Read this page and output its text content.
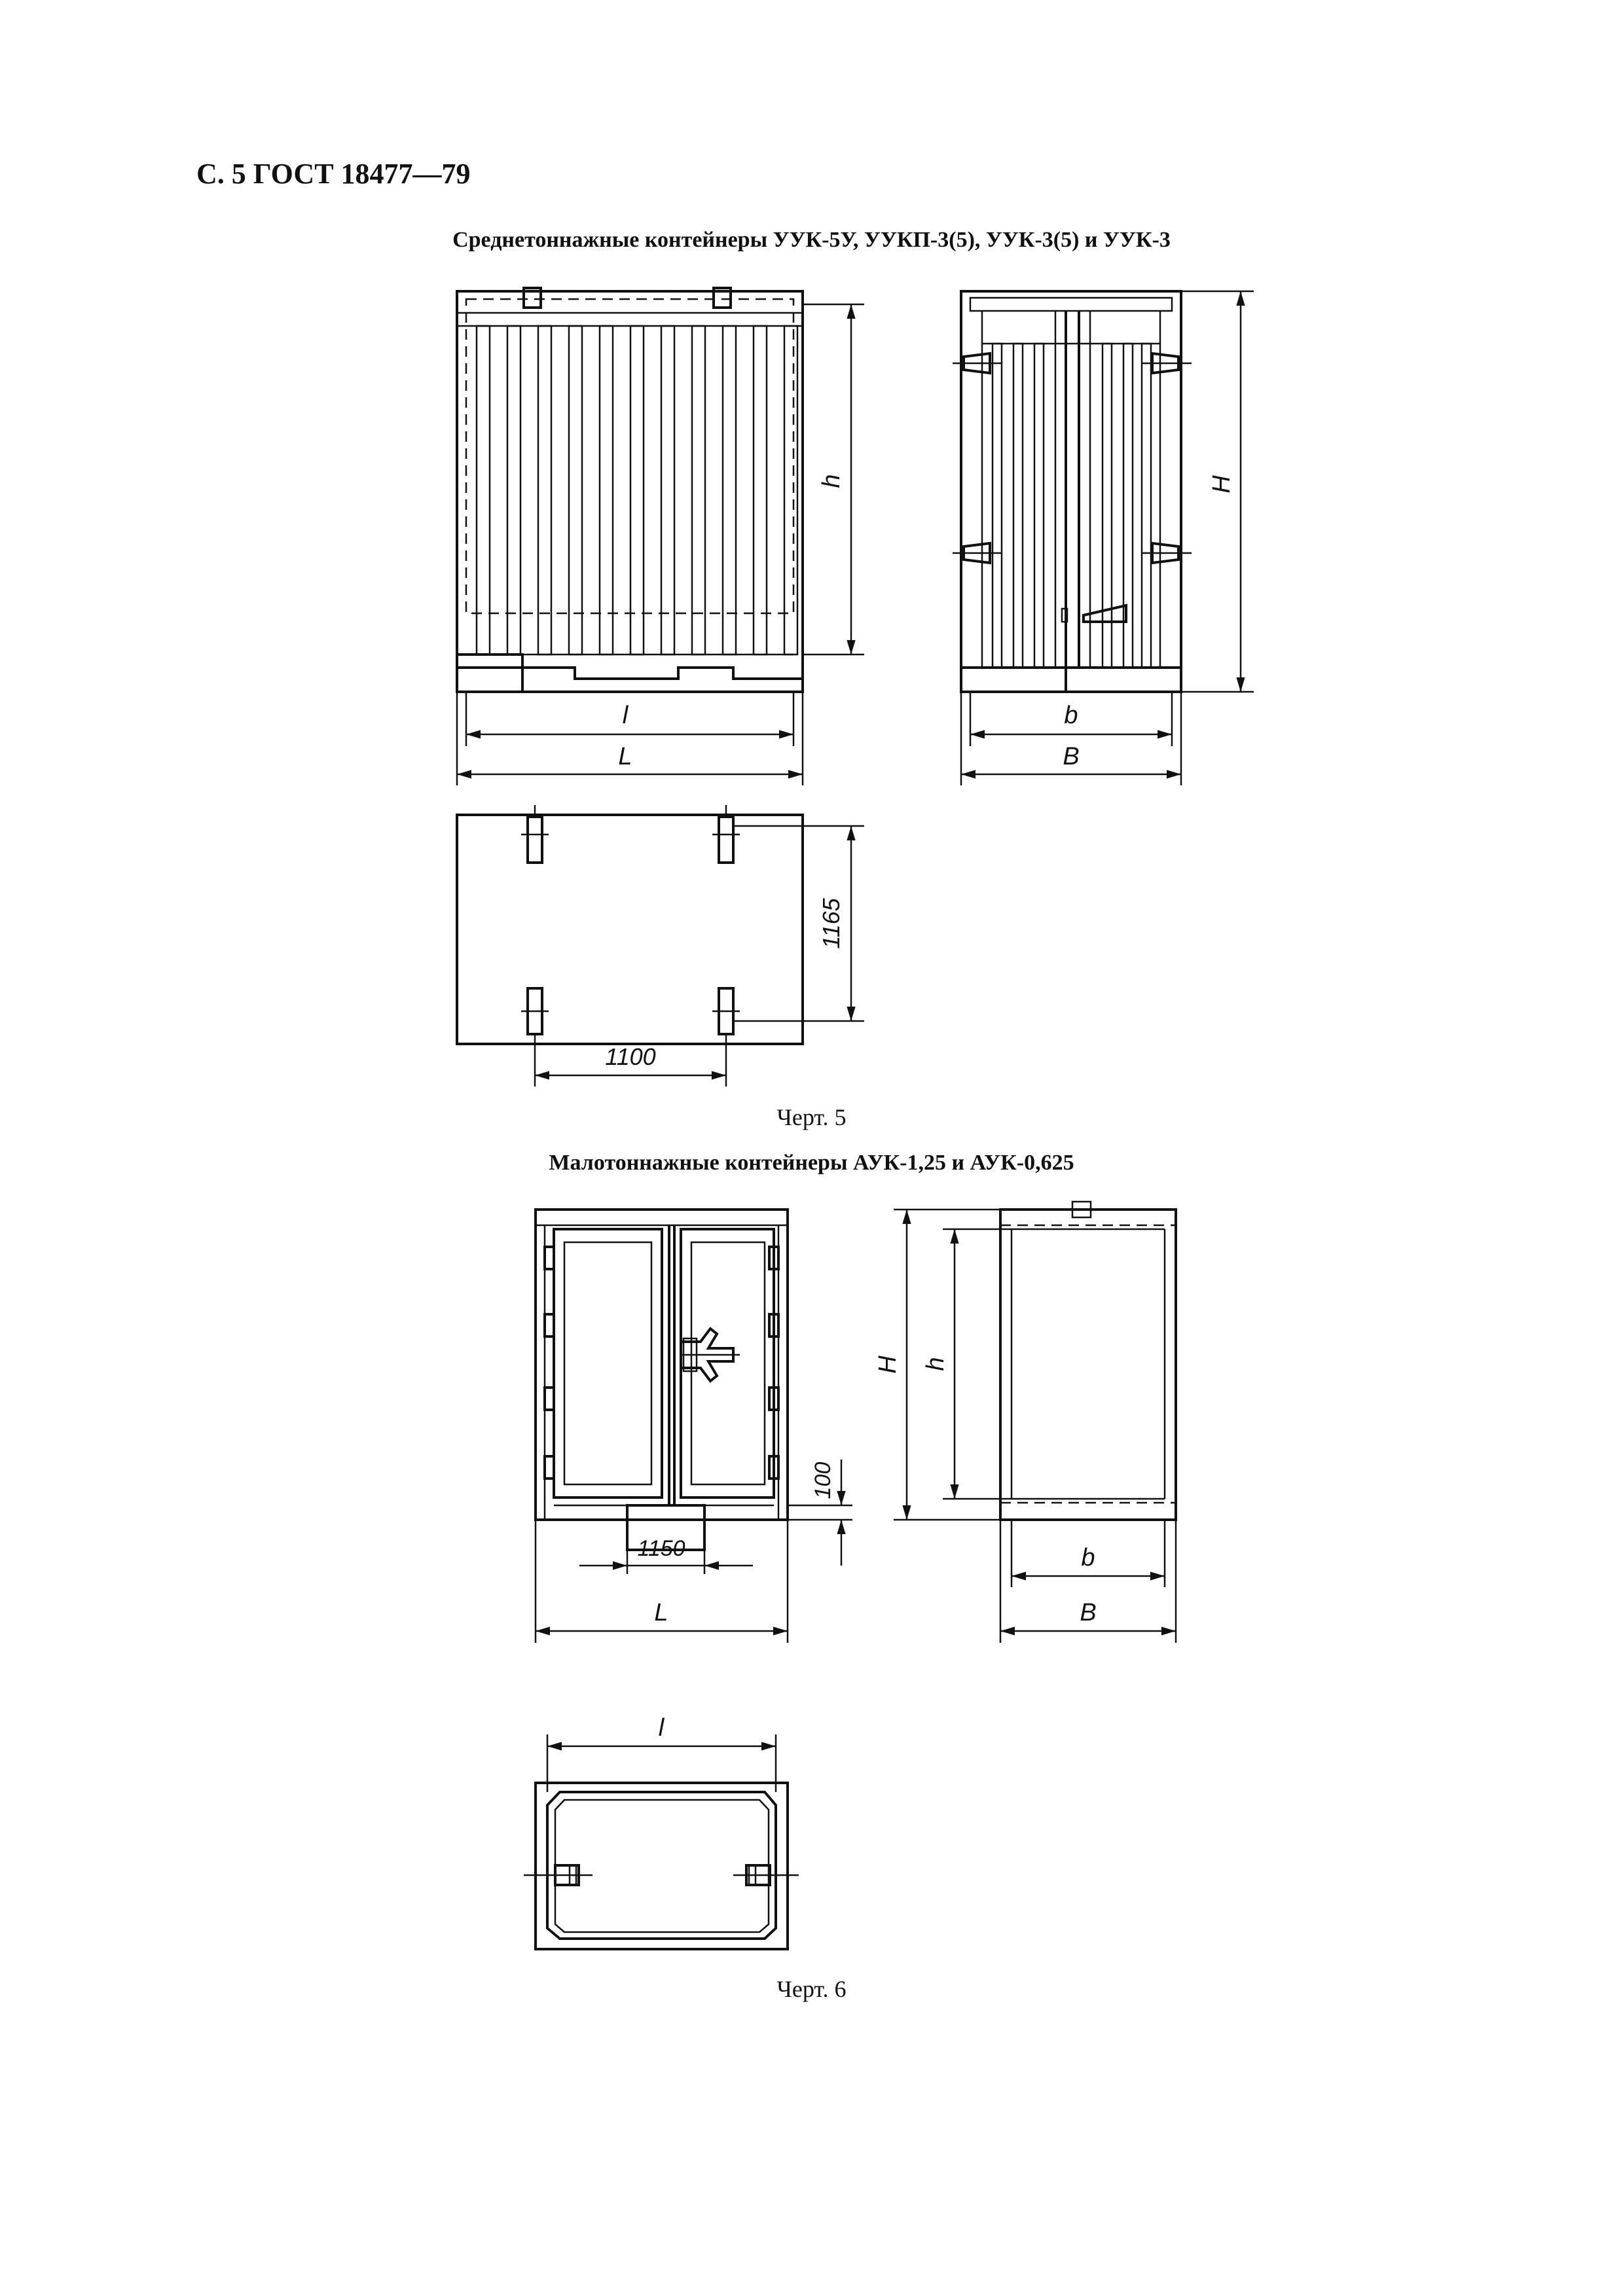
С. 5 ГОСТ 18477—79
Среднетоннажные контейнеры УУК-5У, УУКП-3(5), УУК-3(5) и УУК-3
Черт. 5
Малотоннажные контейнеры АУК-1,25 и АУК-0,625
Черт. 6
h
l
L
H
b
B
1165
1100
100
1150
L
H h
b
B
l
